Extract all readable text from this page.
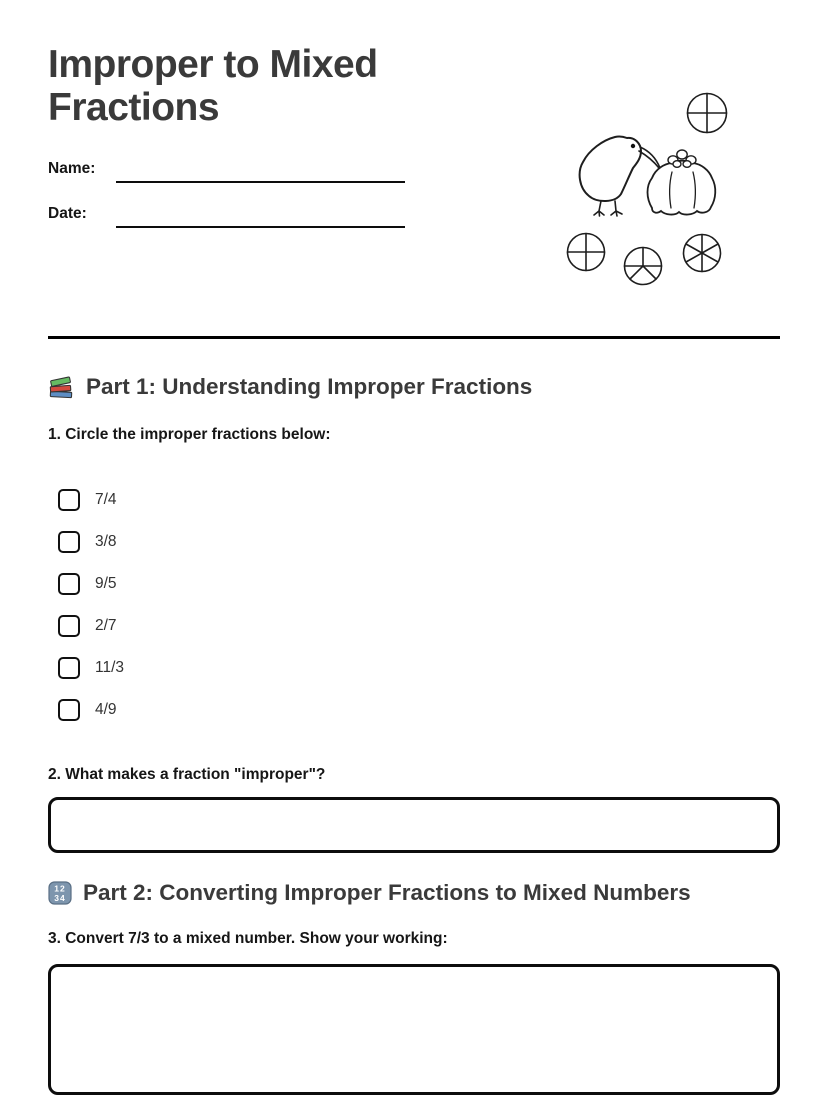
Improper to Mixed Fractions
Name:
Date:
Part 1: Understanding Improper Fractions
1. Circle the improper fractions below:
7/4
3/8
9/5
2/7
11/3
4/9
2. What makes a fraction "improper"?
12
34 Part 2: Converting Improper Fractions to Mixed Numbers
3. Convert 7/3 to a mixed number. Show your working:
